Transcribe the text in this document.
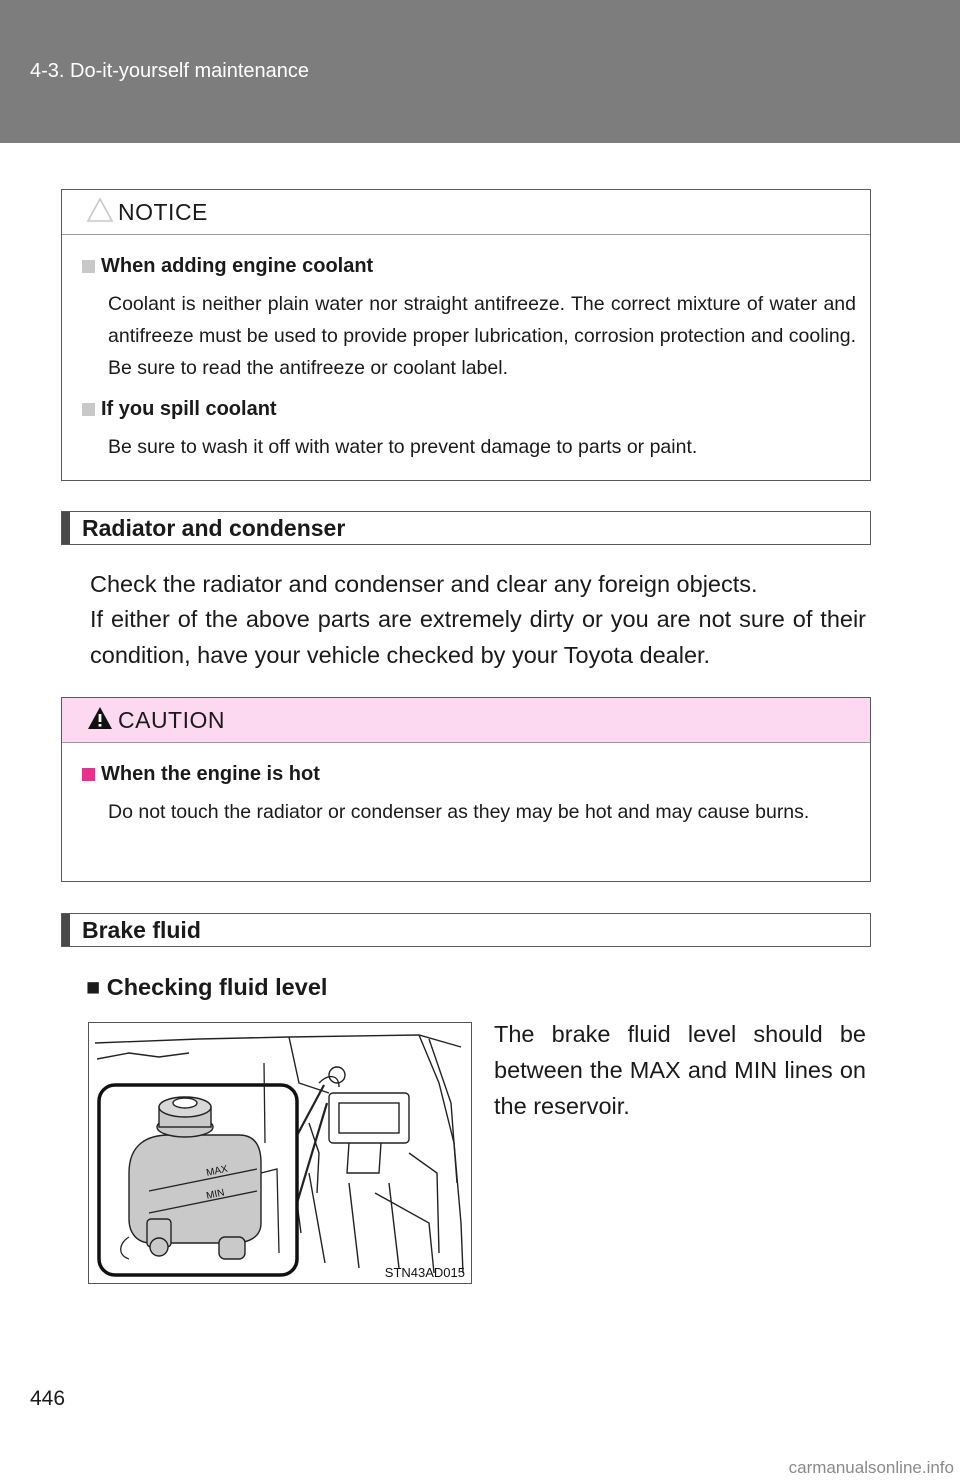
4-3. Do-it-yourself maintenance
NOTICE
When adding engine coolant

Coolant is neither plain water nor straight antifreeze. The correct mixture of water and antifreeze must be used to provide proper lubrication, corrosion protection and cooling. Be sure to read the antifreeze or coolant label.

If you spill coolant

Be sure to wash it off with water to prevent damage to parts or paint.

Radiator and condenser

Check the radiator and condenser and clear any foreign objects.

If either of the above parts are extremely dirty or you are not sure of their condition, have your vehicle checked by your Toyota dealer.

CAUTION
When the engine is hot

Do not touch the radiator or condenser as they may be hot and may cause burns.

Brake fluid
■ Checking fluid level
MAX
MIN
STN43AD015

The brake fluid level should be between the MAX and MIN lines on the reservoir.

446
carmanualsonline.info
